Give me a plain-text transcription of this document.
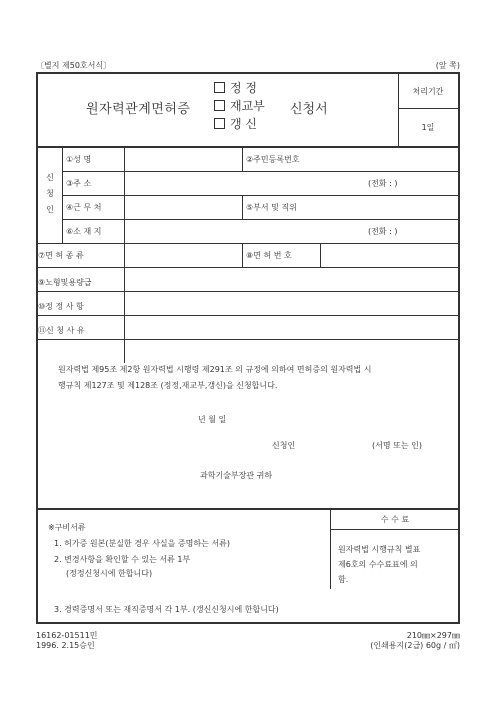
〔별지 제50호서식〕	(앞 쪽)
원자력관계면허증
정 정
재교부
갱 신
신청서
처리기간
1일
신
청
인
①성 명	②주민등록번호
③주 소	(전화 : )
④근 무 처	⑤부서 및 직위
⑥소 재 지	(전화 : )
⑦면 허 종 류	⑧면 허 번 호
⑨노형및용량급
⑩정 정 사 항
⑪신 청 사 유
원자력법 제95조 제2항 원자력법 시행령 제291조 의 규정에 의하여 면허증의 원자력법 시
행규칙 제127조 및 제128조 (정정,재교부,갱신)을 신청합니다.
년 월 일
신청인	(서명 또는 인)
과학기술부장관 귀하
※구비서류
1. 허가증 원본(분실한 경우 사실을 증명하는 서류)
2. 변경사항을 확인할 수 있는 서류 1부
(정정신청시에 한합니다)
3. 경력증명서 또는 재직증명서 각 1부. (갱신신청시에 한합니다)
수 수 료
원자력법 시행규칙 별표
제6호의 수수료표에 의
함.
16162-01511민
1996. 2.15승인
210㎜×297㎜
(인쇄용지(2급) 60g / ㎡)
